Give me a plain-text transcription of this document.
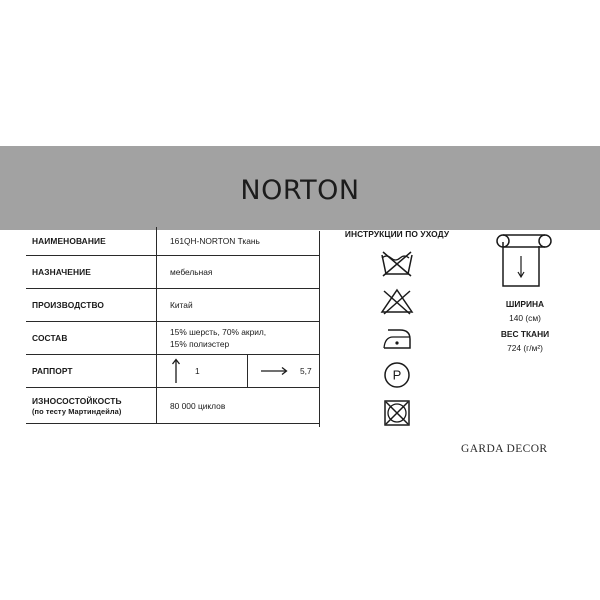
NORTON
НАИМЕНОВАНИЕ	161QH-NORTON Ткань
НАЗНАЧЕНИЕ	мебельная
ПРОИЗВОДСТВО	Китай
СОСТАВ	15% шерсть, 70% акрил,
15% полиэстер

РАППОРТ	1 5,7

ИЗНОСОСТОЙКОСТЬ
(по тесту Мартиндейла)	80 000 циклов
ИНСТРУКЦИИ ПО УХОДУ
P
ШИРИНА
140 (см)
ВЕС ТКАНИ
724 (г/м²)
GARDA DECOR
